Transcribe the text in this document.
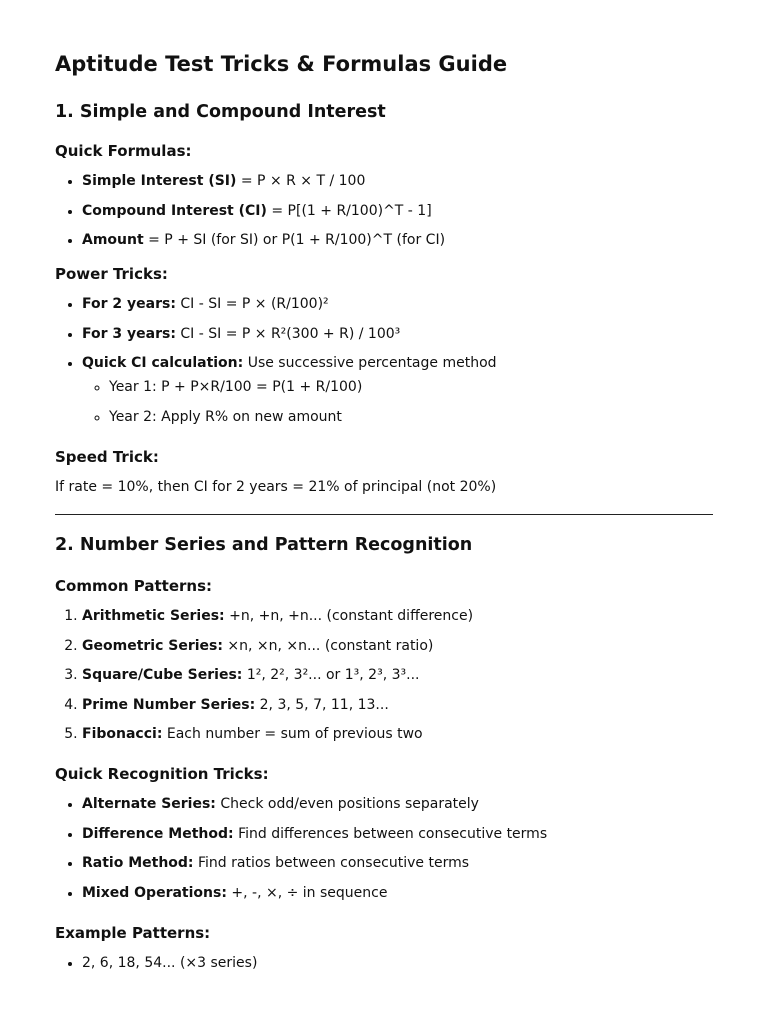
Aptitude Test Tricks & Formulas Guide
1. Simple and Compound Interest
Quick Formulas:
• Simple Interest (SI) = P × R × T / 100
• Compound Interest (CI) = P[(1 + R/100)^T - 1]
• Amount = P + SI (for SI) or P(1 + R/100)^T (for CI)
Power Tricks:
• For 2 years: CI - SI = P × (R/100)²
• For 3 years: CI - SI = P × R²(300 + R) / 100³
• Quick CI calculation: Use successive percentage method
◦ Year 1: P + P×R/100 = P(1 + R/100)
◦ Year 2: Apply R% on new amount
Speed Trick:

If rate = 10%, then CI for 2 years = 21% of principal (not 20%)

2. Number Series and Pattern Recognition
Common Patterns:
1. Arithmetic Series: +n, +n, +n... (constant difference)
2. Geometric Series: ×n, ×n, ×n... (constant ratio)
3. Square/Cube Series: 1², 2², 3²... or 1³, 2³, 3³...
4. Prime Number Series: 2, 3, 5, 7, 11, 13...
5. Fibonacci: Each number = sum of previous two
Quick Recognition Tricks:
• Alternate Series: Check odd/even positions separately
• Difference Method: Find differences between consecutive terms
• Ratio Method: Find ratios between consecutive terms
• Mixed Operations: +, -, ×, ÷ in sequence
Example Patterns:
• 2, 6, 18, 54... (×3 series)
